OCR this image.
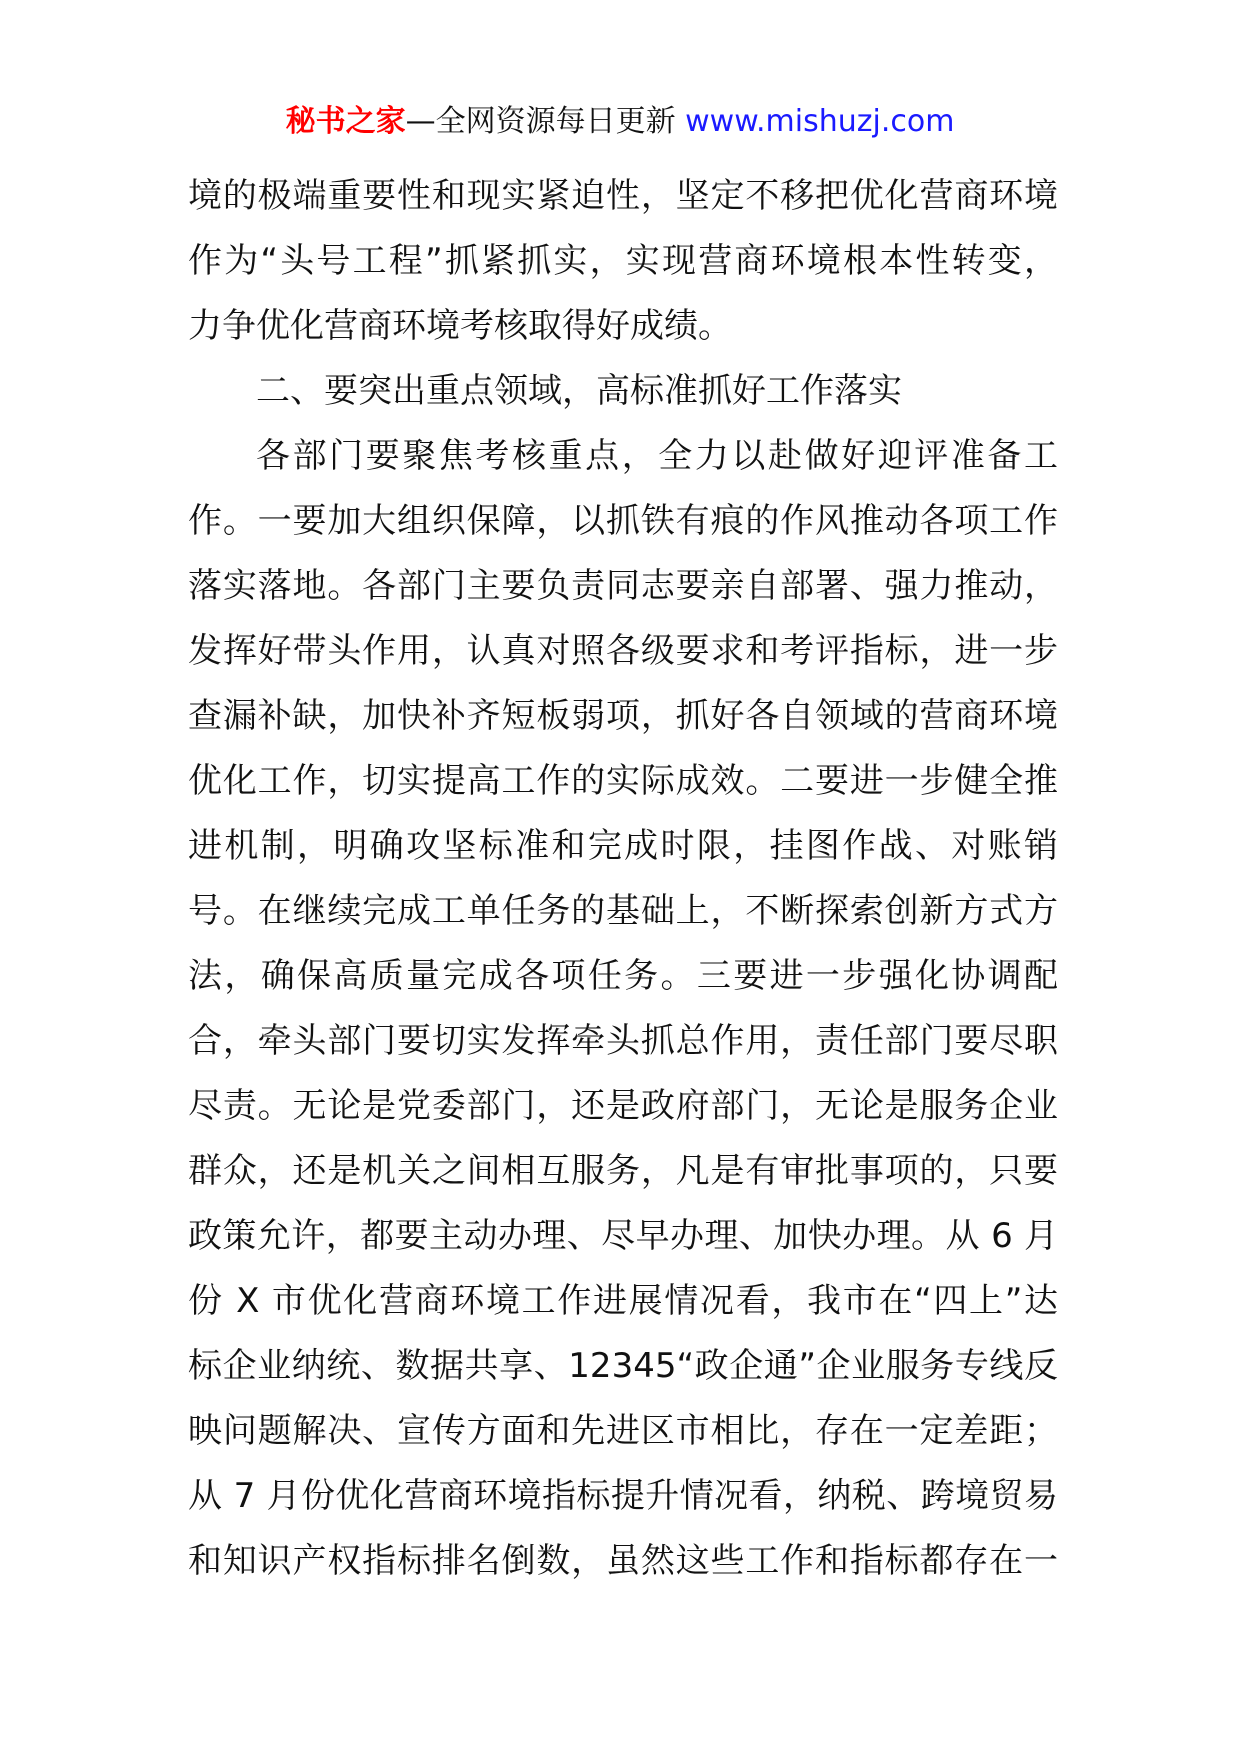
秘书之家—全网资源每日更新 www.mishuzj.com
境的极端重要性和现实紧迫性，坚定不移把优化营商环境
作为“头号工程”抓紧抓实，实现营商环境根本性转变，
力争优化营商环境考核取得好成绩。
二、要突出重点领域，高标准抓好工作落实
各部门要聚焦考核重点，全力以赴做好迎评准备工
作。一要加大组织保障，以抓铁有痕的作风推动各项工作
落实落地。各部门主要负责同志要亲自部署、强力推动，
发挥好带头作用，认真对照各级要求和考评指标，进一步
查漏补缺，加快补齐短板弱项，抓好各自领域的营商环境
优化工作，切实提高工作的实际成效。二要进一步健全推
进机制，明确攻坚标准和完成时限，挂图作战、对账销
号。在继续完成工单任务的基础上，不断探索创新方式方
法，确保高质量完成各项任务。三要进一步强化协调配
合，牵头部门要切实发挥牵头抓总作用，责任部门要尽职
尽责。无论是党委部门，还是政府部门，无论是服务企业
群众，还是机关之间相互服务，凡是有审批事项的，只要
政策允许，都要主动办理、尽早办理、加快办理。从 6 月
份 X 市优化营商环境工作进展情况看，我市在“四上”达
标企业纳统、数据共享、12345“政企通”企业服务专线反
映问题解决、宣传方面和先进区市相比，存在一定差距；
从 7 月份优化营商环境指标提升情况看，纳税、跨境贸易
和知识产权指标排名倒数，虽然这些工作和指标都存在一
